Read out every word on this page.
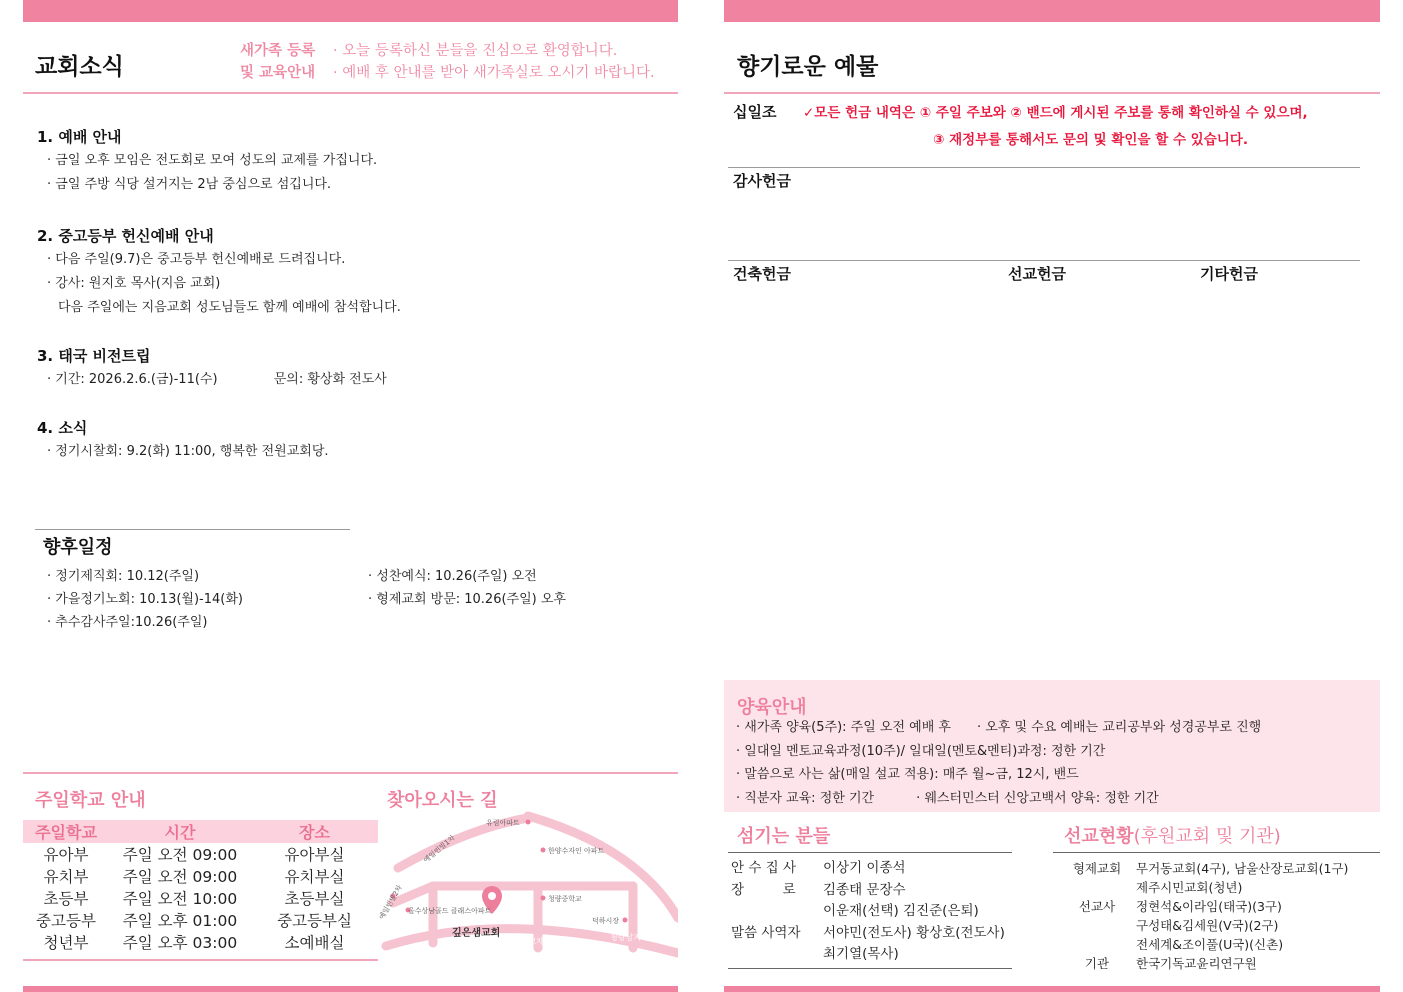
교회소식
새가족 등록
및 교육안내
· 오늘 등록하신 분들을 진심으로 환영합니다.
· 예배 후 안내를 받아 새가족실로 오시기 바랍니다.
1. 예배 안내
· 금일 오후 모임은 전도회로 모여 성도의 교제를 가집니다.
· 금일 주방 식당 설거지는 2남 중심으로 섬깁니다.
2. 중고등부 헌신예배 안내
· 다음 주일(9.7)은 중고등부 헌신예배로 드려집니다.
· 강사: 원지호 목사(지음 교회)
다음 주일에는 지음교회 성도님들도 함께 예배에 참석합니다.
3. 태국 비전트립
· 기간: 2026.2.6.(금)-11(수)	문의: 황상화 전도사
4. 소식
· 정기시찰회: 9.2(화) 11:00, 행복한 전원교회당.
향후일정
· 정기제직회: 10.12(주일)
· 가을정기노회: 10.13(월)-14(화)
· 추수감사주일:10.26(주일)
· 성찬예식: 10.26(주일) 오전
· 형제교회 방문: 10.26(주일) 오후
주일학교 안내
주일학교	시간	장소
유아부	주일 오전 09:00	유아부실
유치부	주일 오전 09:00	유치부실
초등부	주일 오전 10:00	초등부실
중고등부	주일 오후 01:00	중고등부실
청년부	주일 오후 03:00	소예배실
찾아오시는 길
유림아파트
한양수자인 아파트
예일빈빌1차
예일빈빌2차	청량중학교
올수상남골드 클래스아파트
덕하시장
깊은샘교회
청량교차로	청량삼거리
향기로운 예물
십일조 ✓모든 헌금 내역은 ① 주일 주보와 ② 밴드에 게시된 주보를 통해 확인하실 수 있으며,
③ 재정부를 통해서도 문의 및 확인을 할 수 있습니다.
감사헌금
건축헌금	선교헌금	기타헌금
양육안내
· 새가족 양육(5주): 주일 오전 예배 후 · 오후 및 수요 예배는 교리공부와 성경공부로 진행
· 일대일 멘토교육과정(10주)/ 일대일(멘토&멘티)과정: 정한 기간
· 말씀으로 사는 삶(매일 설교 적용): 매주 월~금, 12시, 밴드
· 직분자 교육: 정한 기간	· 웨스터민스터 신앙고백서 양육: 정한 기간
섬기는 분들
안 수 집 사	이상기 이종석
장         로	김종태 문장수
	이운재(선택) 김진준(은퇴)
말씀 사역자	서야민(전도사) 황상호(전도사)
	최기열(목사)
선교현황(후원교회 및 기관)
형제교회	무거동교회(4구), 남울산장로교회(1구)
	제주시민교회(청년)
선교사	정현석&이라임(태국)(3구)
	구성태&김세원(V국)(2구)
	전세계&조이풀(U국)(신촌)
기관	한국기독교윤리연구원
